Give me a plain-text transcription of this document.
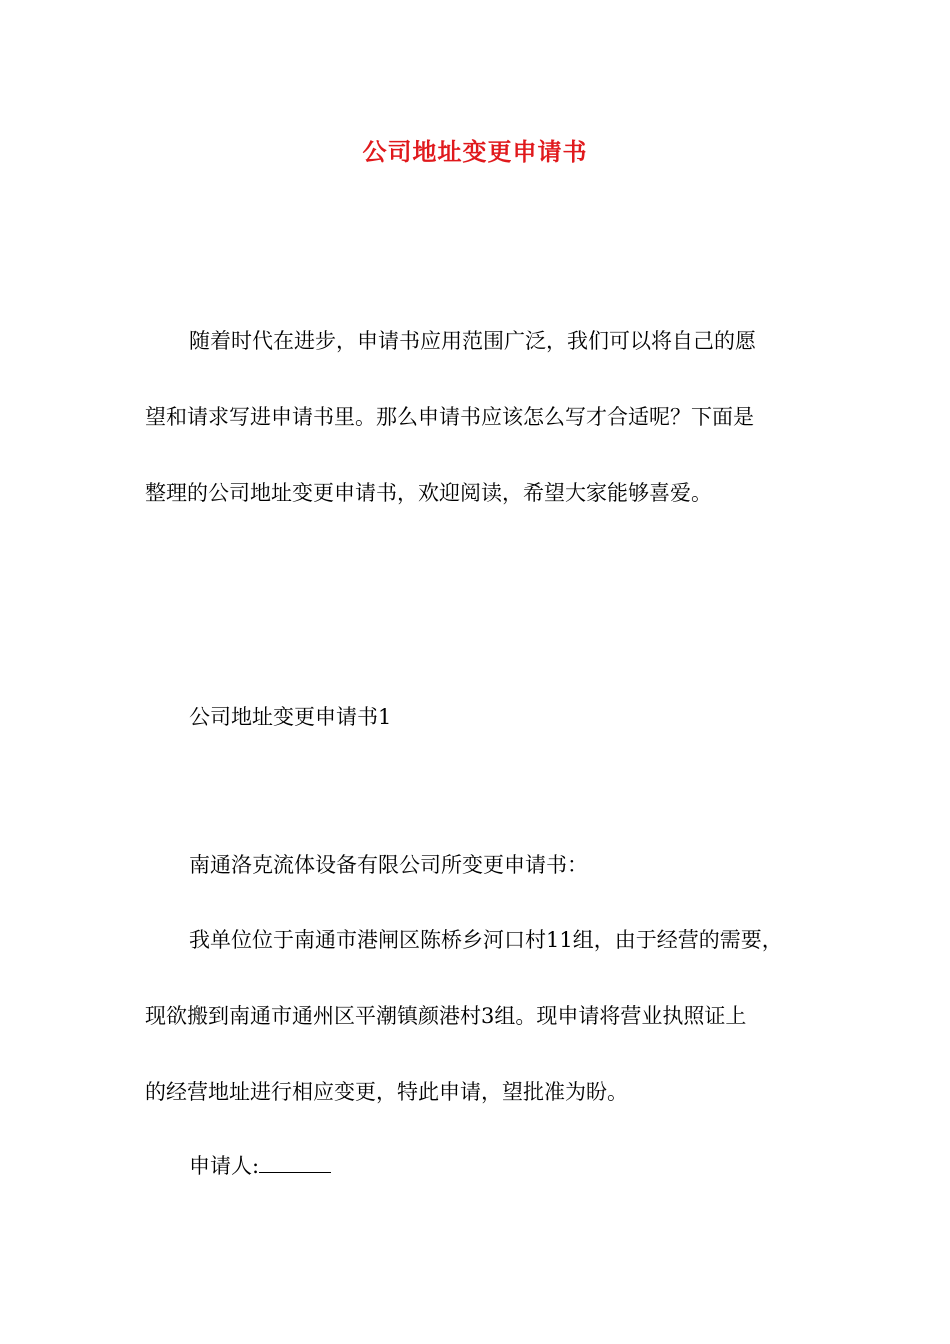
公司地址变更申请书
随着时代在进步，申请书应用范围广泛，我们可以将自己的愿
望和请求写进申请书里。那么申请书应该怎么写才合适呢？下面是
整理的公司地址变更申请书，欢迎阅读，希望大家能够喜爱。
公司地址变更申请书1
南通洛克流体设备有限公司所变更申请书：
我单位位于南通市港闸区陈桥乡河口村11组，由于经营的需要，
现欲搬到南通市通州区平潮镇颜港村3组。现申请将营业执照证上
的经营地址进行相应变更，特此申请，望批准为盼。
申请人:
